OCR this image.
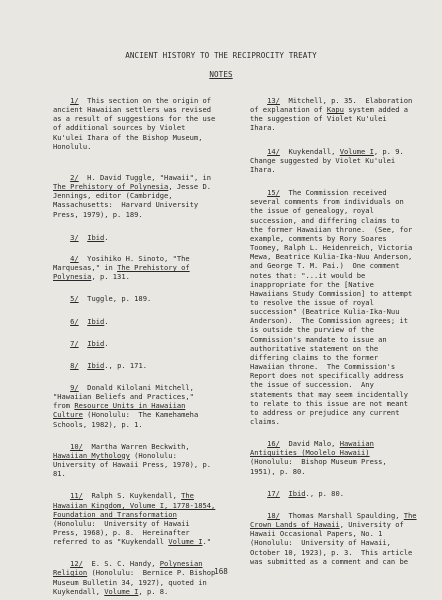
ANCIENT HISTORY TO THE RECIPROCITY TREATY
NOTES
1/  This section on the origin of
ancient Hawaiian settlers was revised
as a result of suggestions for the use
of additional sources by Violet
Ku'ulei Ihara of the Bishop Museum,
Honolulu.
2/  H. David Tuggle, "Hawaii", in
The Prehistory of Polynesia, Jesse D.
Jennings, editor (Cambridge,
Massachusetts:  Harvard University
Press, 1979), p. 189.
3/ Ibid.
4/  Yosihiko H. Sinoto, "The
Marquesas," in The Prehistory of
Polynesia, p. 131.
5/  Tuggle, p. 189.
6/ Ibid.
7/ Ibid.
8/ Ibid., p. 171.
9/  Donald Kilolani Mitchell,
"Hawaiian Beliefs and Practices,"
from Resource Units in Hawaiian
Culture (Honolulu:  The Kamehameha
Schools, 1982), p. 1.
10/  Martha Warren Beckwith,
Hawaiian Mythology (Honolulu:
University of Hawaii Press, 1970), p.
81.
11/  Ralph S. Kuykendall, The
Hawaiian Kingdom, Volume I, 1778-1854,
Foundation and Transformation
(Honolulu:  University of Hawaii
Press, 1968), p. 8.  Hereinafter
referred to as "Kuykendall Volume I."
12/  E. S. C. Handy, Polynesian
Religion (Honolulu:  Bernice P. Bishop
Museum Bulletin 34, 1927), quoted in
Kuykendall, Volume I, p. 8.
13/  Mitchell, p. 35.  Elaboration
of explanation of Kapu system added a
the suggestion of Violet Ku'ulei
Ihara.
14/  Kuykendall, Volume I, p. 9.
Change suggested by Violet Ku'ulei
Ihara.
15/  The Commission received
several comments from individuals on
the issue of genealogy, royal
succession, and differing claims to
the former Hawaiian throne.  (See, for
example, comments by Rory Soares
Toomey, Ralph L. Heidenreich, Victoria
Mewa, Beatrice Kulia-Ika-Nuu Anderson,
and George T. M. Pai.)  One comment
notes that: "...it would be
inappropriate for the [Native
Hawaiians Study Commission] to attempt
to resolve the issue of royal
succession" (Beatrice Kulia-Ika-Nuu
Anderson).  The Commission agrees; it
is outside the purview of the
Commission's mandate to issue an
authoritative statement on the
differing claims to the former
Hawaiian throne.  The Commission's
Report does not specifically address
the issue of succession.  Any
statements that may seem incidentally
to relate to this issue are not meant
to address or prejudice any current
claims.
16/  David Malo, Hawaiian
Antiquities (Moolelo Hawaii)
(Honolulu:  Bishop Museum Press,
1951), p. 80.
17/ Ibid., p. 80.
18/  Thomas Marshall Spaulding, The
Crown Lands of Hawaii, University of
Hawaii Occasional Papers, No. 1
(Honolulu:  University of Hawaii,
October 10, 1923), p. 3.  This article
was submitted as a comment and can be
168
